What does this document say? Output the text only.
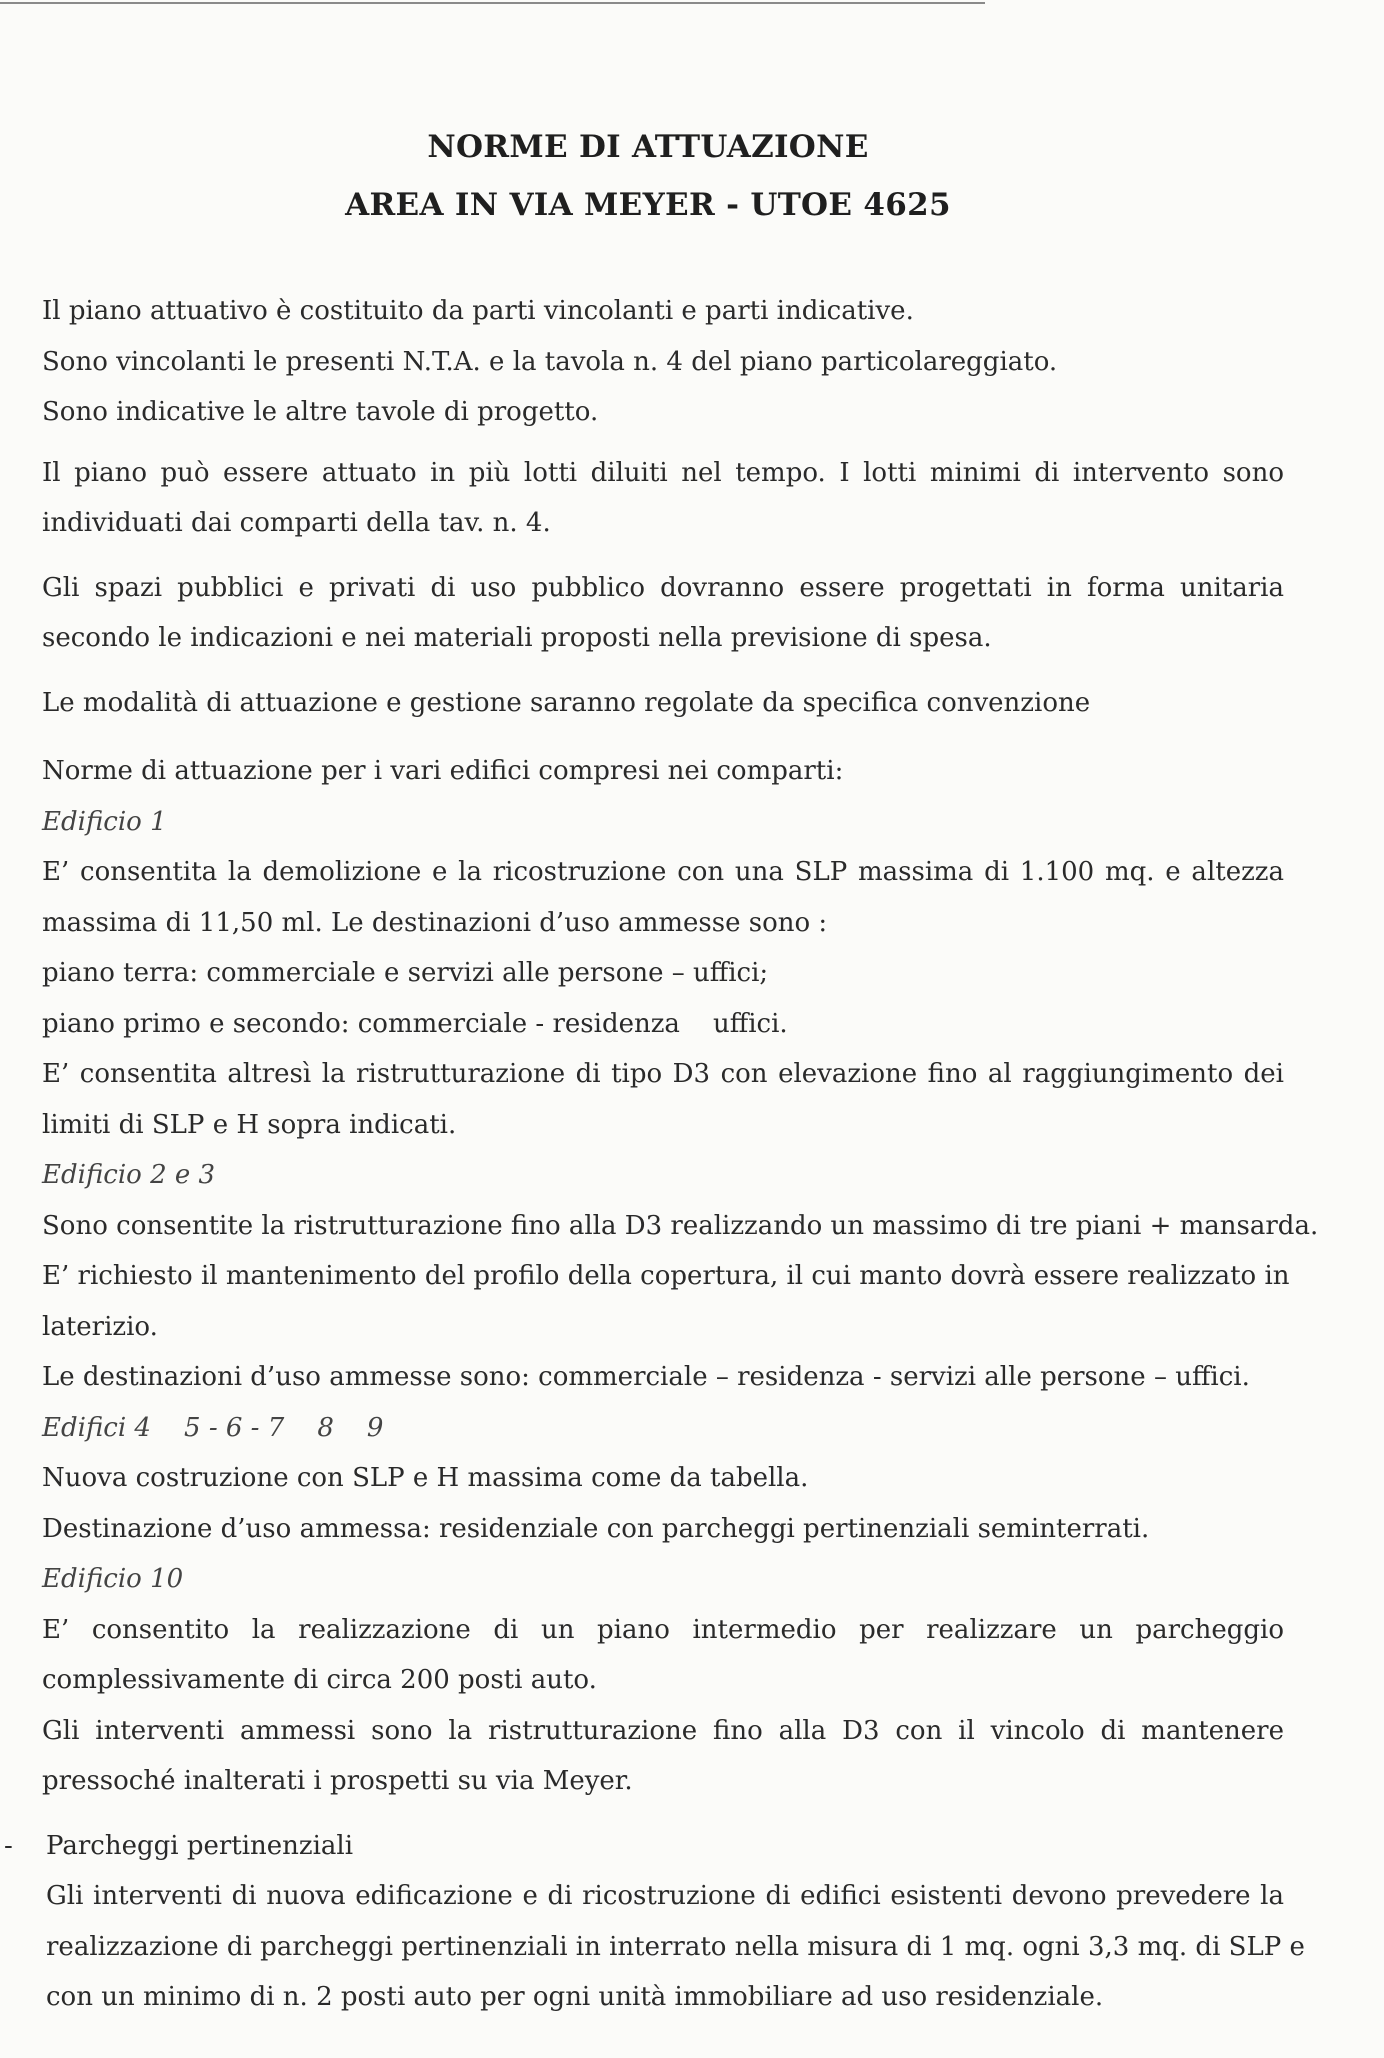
NORME DI ATTUAZIONE

AREA IN VIA MEYER - UTOE 4625

Il piano attuativo è costituito da parti vincolanti e parti indicative.

Sono vincolanti le presenti N.T.A. e la tavola n. 4 del piano particolareggiato.

Sono indicative le altre tavole di progetto.

Il piano può essere attuato in più lotti diluiti nel tempo. I lotti minimi di intervento sono

individuati dai comparti della tav. n. 4.

Gli spazi pubblici e privati di uso pubblico dovranno essere progettati in forma unitaria

secondo le indicazioni e nei materiali proposti nella previsione di spesa.

Le modalità di attuazione e gestione saranno regolate da specifica convenzione

Norme di attuazione per i vari edifici compresi nei comparti:

Edificio 1

E’ consentita la demolizione e la ricostruzione con una SLP massima di 1.100 mq. e altezza

massima di 11,50 ml. Le destinazioni d’uso ammesse sono :

piano terra: commerciale e servizi alle persone – uffici;

piano primo e secondo: commerciale - residenza    uffici.

E’ consentita altresì la ristrutturazione di tipo D3 con elevazione fino al raggiungimento dei

limiti di SLP e H sopra indicati.

Edificio 2 e 3

Sono consentite la ristrutturazione fino alla D3 realizzando un massimo di tre piani + mansarda.

E’ richiesto il mantenimento del profilo della copertura, il cui manto dovrà essere realizzato in

laterizio.

Le destinazioni d’uso ammesse sono: commerciale – residenza - servizi alle persone – uffici.

Edifici 4    5 - 6 - 7    8    9

Nuova costruzione con SLP e H massima come da tabella.

Destinazione d’uso ammessa: residenziale con parcheggi pertinenziali seminterrati.

Edificio 10

E’ consentito la realizzazione di un piano intermedio per realizzare un parcheggio

complessivamente di circa 200 posti auto.

Gli interventi ammessi sono la ristrutturazione fino alla D3 con il vincolo di mantenere

pressoché inalterati i prospetti su via Meyer.

- Parcheggi pertinenziali

Gli interventi di nuova edificazione e di ricostruzione di edifici esistenti devono prevedere la

realizzazione di parcheggi pertinenziali in interrato nella misura di 1 mq. ogni 3,3 mq. di SLP e

con un minimo di n. 2 posti auto per ogni unità immobiliare ad uso residenziale.
